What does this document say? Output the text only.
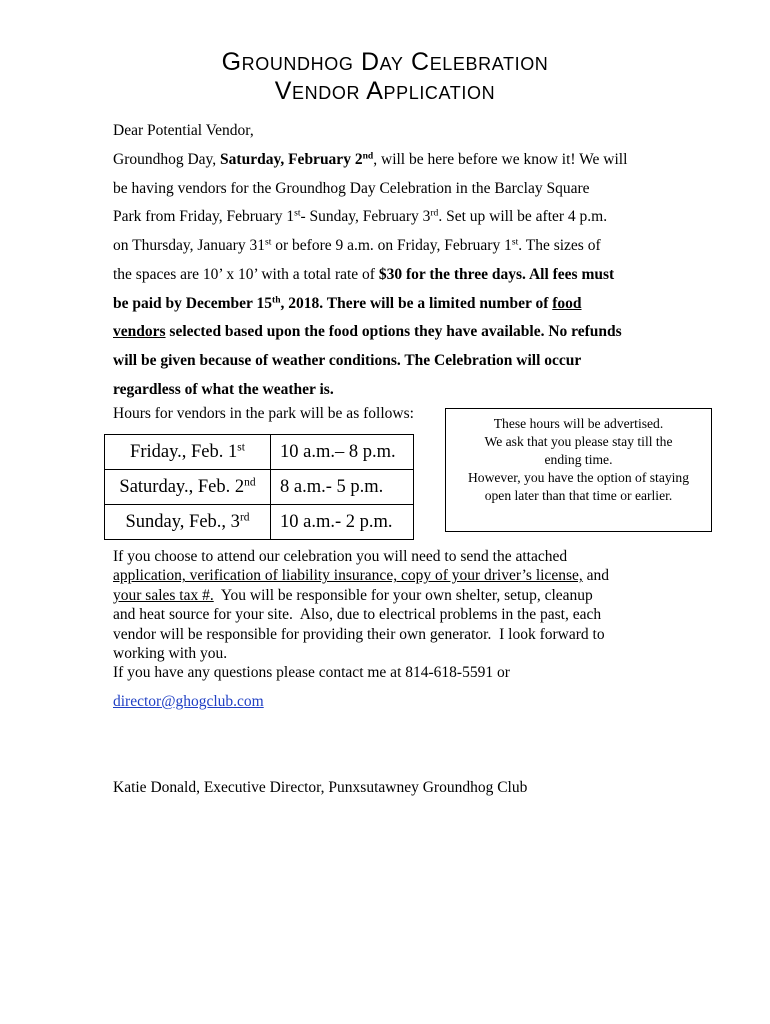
Groundhog Day Celebration
Vendor Application
Dear Potential Vendor,
Groundhog Day, Saturday, February 2nd, will be here before we know it! We will
be having vendors for the Groundhog Day Celebration in the Barclay Square
Park from Friday, February 1st- Sunday, February 3rd. Set up will be after 4 p.m.
on Thursday, January 31st or before 9 a.m. on Friday, February 1st. The sizes of
the spaces are 10’ x 10’ with a total rate of $30 for the three days. All fees must
be paid by December 15th, 2018. There will be a limited number of food
vendors selected based upon the food options they have available. No refunds
will be given because of weather conditions. The Celebration will occur
regardless of what the weather is.
Hours for vendors in the park will be as follows:
Friday., Feb. 1st	10 a.m.– 8 p.m.
Saturday., Feb. 2nd	8 a.m.- 5 p.m.
Sunday, Feb., 3rd	10 a.m.- 2 p.m.
These hours will be advertised.
We ask that you please stay till the
ending time.
However, you have the option of staying
open later than that time or earlier.
If you choose to attend our celebration you will need to send the attached
application, verification of liability insurance, copy of your driver’s license, and
your sales tax #.  You will be responsible for your own shelter, setup, cleanup
and heat source for your site.  Also, due to electrical problems in the past, each
vendor will be responsible for providing their own generator.  I look forward to
working with you.
If you have any questions please contact me at 814-618-5591 or
director@ghogclub.com
Katie Donald, Executive Director, Punxsutawney Groundhog Club
